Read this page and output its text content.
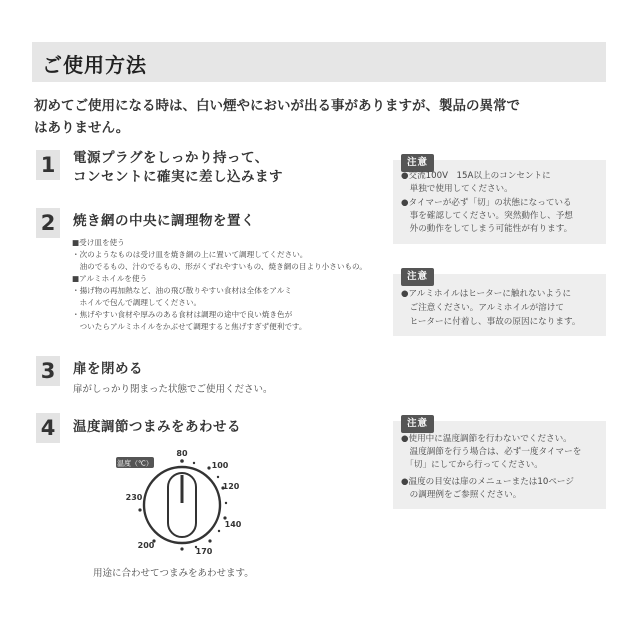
ご使用方法
初めてご使用になる時は、白い煙やにおいが出る事がありますが、製品の異常で
はありません。
1	電源プラグをしっかり持って、
コンセントに確実に差し込みます
2	焼き網の中央に調理物を置く
■受け皿を使う
・次のようなものは受け皿を焼き網の上に置いて調理してください。
　油のでるもの、汁のでるもの、形がくずれやすいもの、焼き網の目より小さいもの。
■アルミホイルを使う
・揚げ物の再加熱など、油の飛び散りやすい食材は全体をアルミ
　ホイルで包んで調理してください。
・焦げやすい食材や厚みのある食材は調理の途中で良い焼き色が
　ついたらアルミホイルをかぶせて調理すると焦げすぎず便利です。
3	扉を閉める
扉がしっかり閉まった状態でご使用ください。
4	温度調節つまみをあわせる
温度（℃）
80
100
120
140
170
200
230
用途に合わせてつまみをあわせます。
注意
●交流100V　15A以上のコンセントに
　単独で使用してください。
●タイマーが必ず「切」の状態になっている
　事を確認してください。突然動作し、予想
　外の動作をしてしまう可能性が有ります。
注意
●アルミホイルはヒーターに触れないように
　ご注意ください。アルミホイルが溶けて
　ヒーターに付着し、事故の原因になります。
注意
●使用中に温度調節を行わないでください。
　温度調節を行う場合は、必ず一度タイマーを
　「切」にしてから行ってください。
●温度の目安は扉のメニューまたは10ページ
　の調理例をご参照ください。
